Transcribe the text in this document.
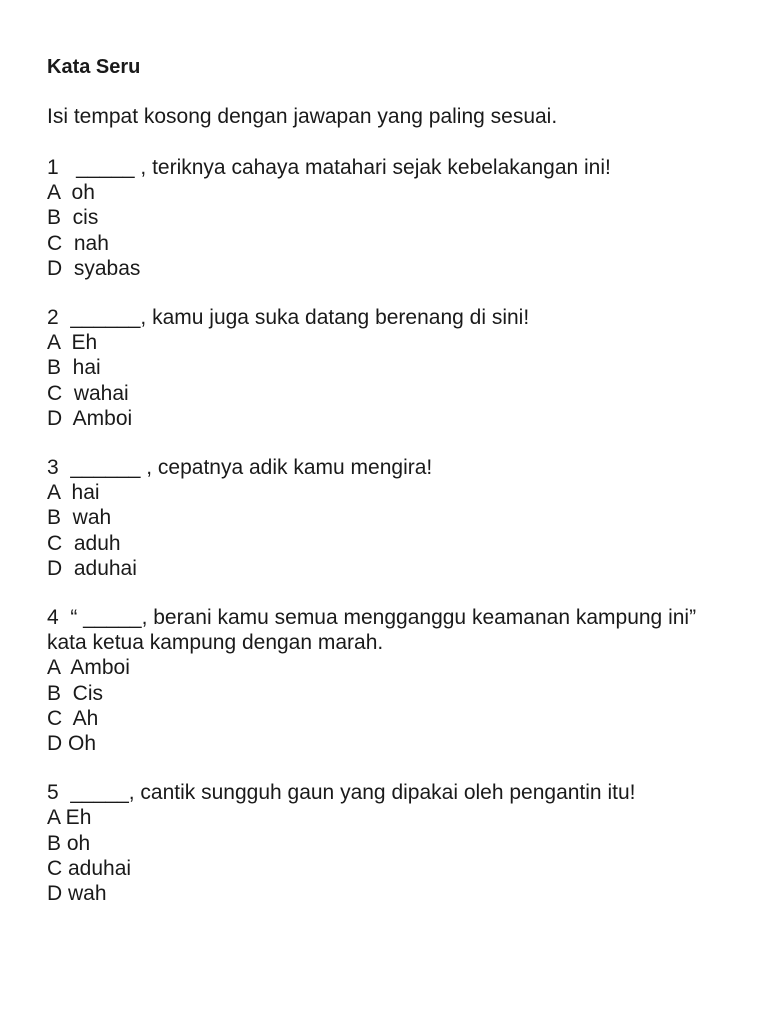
Kata Seru

Isi tempat kosong dengan jawapan yang paling sesuai.

1   _____ , teriknya cahaya matahari sejak kebelakangan ini!

A  oh
B  cis
C  nah
D  syabas

2  ______, kamu juga suka datang berenang di sini!

A  Eh
B  hai
C  wahai
D  Amboi

3  ______ , cepatnya adik kamu mengira!

A  hai
B  wah
C  aduh
D  aduhai

4  “ _____, berani kamu semua mengganggu keamanan kampung ini”  kata ketua kampung dengan marah.

A  Amboi
B  Cis
C  Ah
D Oh

5  _____, cantik sungguh gaun yang dipakai oleh pengantin itu!

A Eh
B oh
C aduhai
D wah
